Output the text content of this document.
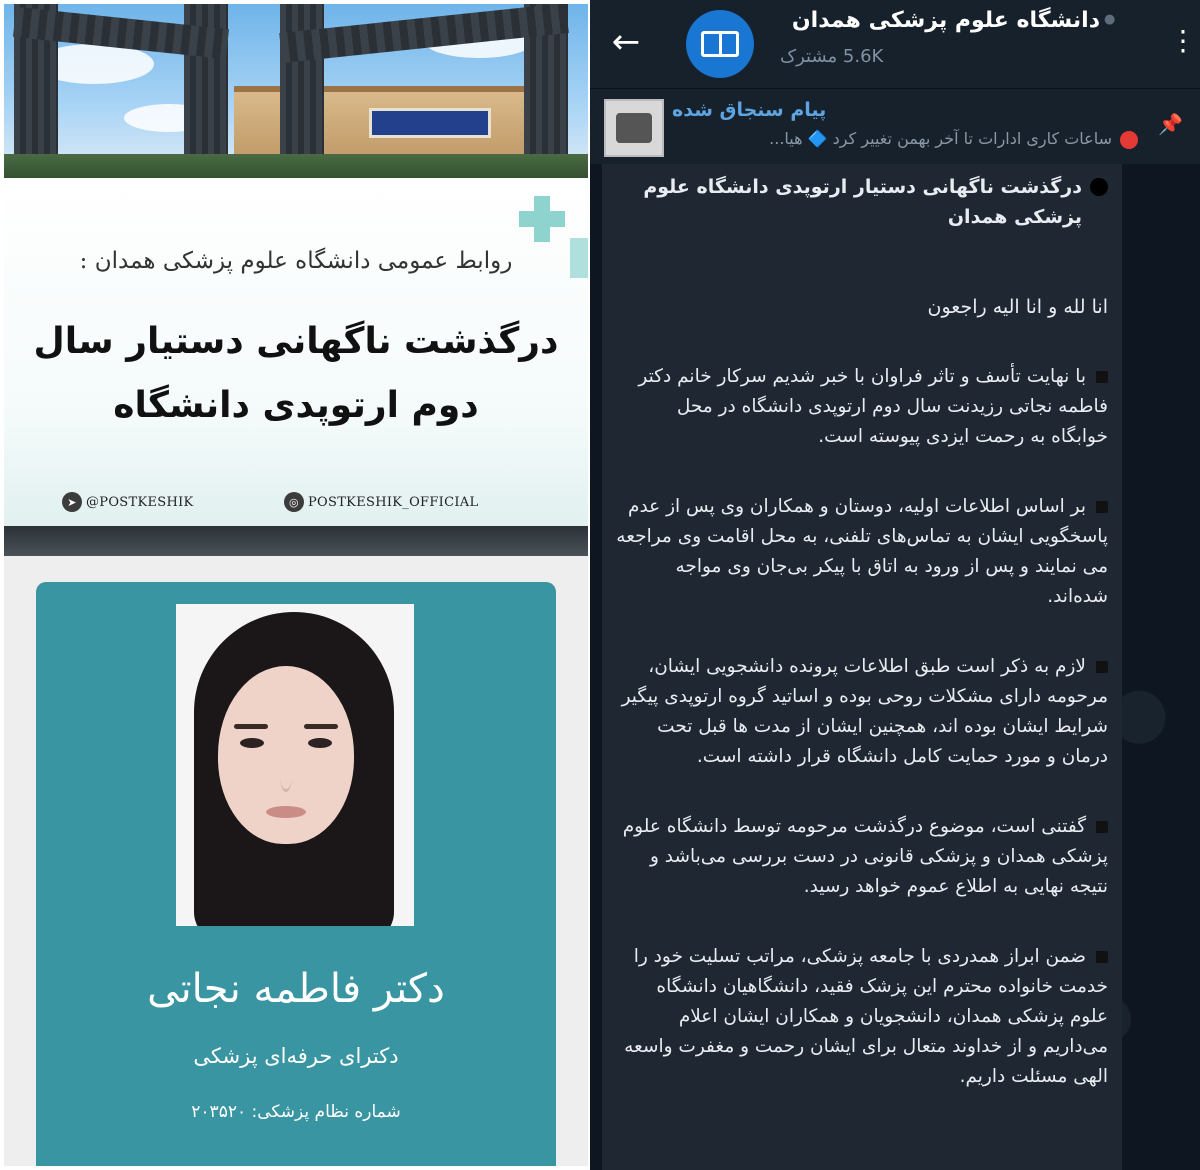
روابط عمومی دانشگاه علوم پزشکی همدان :
درگذشت ناگهانی دستیار سال دوم ارتوپدی دانشگاه
➤ @POSTKESHIK	◎ POSTKESHIK_OFFICIAL
دکتر فاطمه نجاتی
دکترای حرفه‌ای پزشکی
شماره نظام پزشکی: ۲۰۳۵۲۰
←
دانشگاه علوم پزشکی همدان ●
5.6K مشترک	⋮
پیام سنجاق شده
ساعات کاری ادارات تا آخر بهمن تغییر کرد 🔷 هیا...
درگذشت ناگهانی دستیار ارتوپدی دانشگاه علوم پزشکی همدان
انا لله و انا الیه راجعون
با نهایت تأسف و تاثر فراوان با خبر شدیم سرکار خانم دکتر فاطمه نجاتی رزیدنت سال دوم ارتوپدی دانشگاه در محل خوابگاه به رحمت ایزدی پیوسته است.
بر اساس اطلاعات اولیه، دوستان و همکاران وی پس از عدم پاسخگویی ایشان به تماس‌های تلفنی، به محل اقامت وی مراجعه می نمایند و پس از ورود به اتاق با پیکر بی‌جان وی مواجه شده‌اند.
لازم به ذکر است طبق اطلاعات پرونده دانشجویی ایشان، مرحومه دارای مشکلات روحی بوده و اساتید گروه ارتوپدی پیگیر شرایط ایشان بوده اند، همچنین ایشان از مدت ها قبل تحت درمان و مورد حمایت کامل دانشگاه قرار داشته است.
گفتنی است، موضوع درگذشت مرحومه توسط دانشگاه علوم پزشکی همدان و پزشکی قانونی در دست بررسی می‌باشد و نتیجه نهایی به اطلاع عموم خواهد رسید.
ضمن ابراز همدردی با جامعه پزشکی، مراتب تسلیت خود را خدمت خانواده محترم این پزشک فقید، دانشگاهیان دانشگاه علوم پزشکی همدان، دانشجویان و همکاران ایشان اعلام می‌داریم و از خداوند متعال برای ایشان رحمت و مغفرت واسعه الهی مسئلت داریم.
📌
